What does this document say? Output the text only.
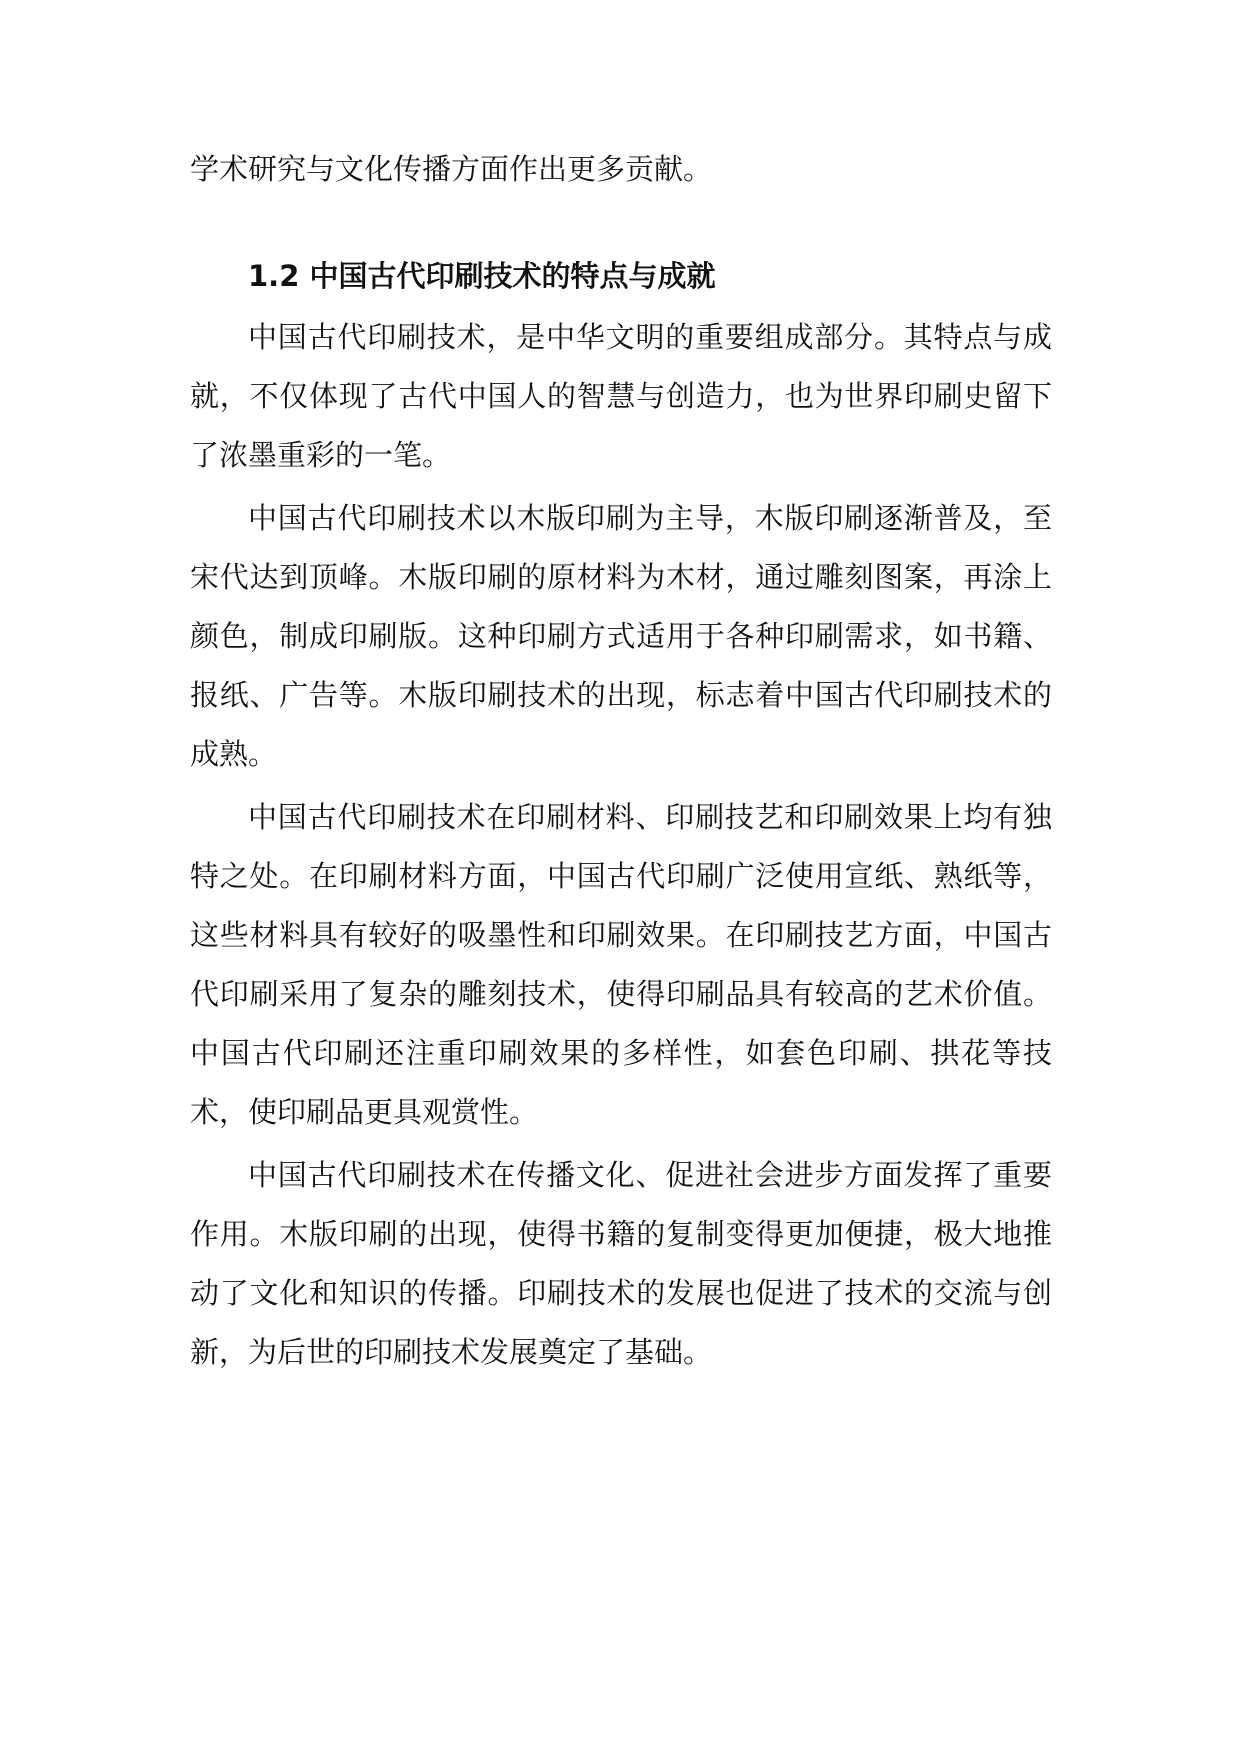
学术研究与文化传播方面作出更多贡献。

1.2 中国古代印刷技术的特点与成就

中国古代印刷技术，是中华文明的重要组成部分。其特点与成就，不仅体现了古代中国人的智慧与创造力，也为世界印刷史留下了浓墨重彩的一笔。

中国古代印刷技术以木版印刷为主导，木版印刷逐渐普及，至宋代达到顶峰。木版印刷的原材料为木材，通过雕刻图案，再涂上颜色，制成印刷版。这种印刷方式适用于各种印刷需求，如书籍、报纸、广告等。木版印刷技术的出现，标志着中国古代印刷技术的成熟。

中国古代印刷技术在印刷材料、印刷技艺和印刷效果上均有独特之处。在印刷材料方面，中国古代印刷广泛使用宣纸、熟纸等，这些材料具有较好的吸墨性和印刷效果。在印刷技艺方面，中国古代印刷采用了复杂的雕刻技术，使得印刷品具有较高的艺术价值。中国古代印刷还注重印刷效果的多样性，如套色印刷、拱花等技术，使印刷品更具观赏性。

中国古代印刷技术在传播文化、促进社会进步方面发挥了重要作用。木版印刷的出现，使得书籍的复制变得更加便捷，极大地推动了文化和知识的传播。印刷技术的发展也促进了技术的交流与创新，为后世的印刷技术发展奠定了基础。
